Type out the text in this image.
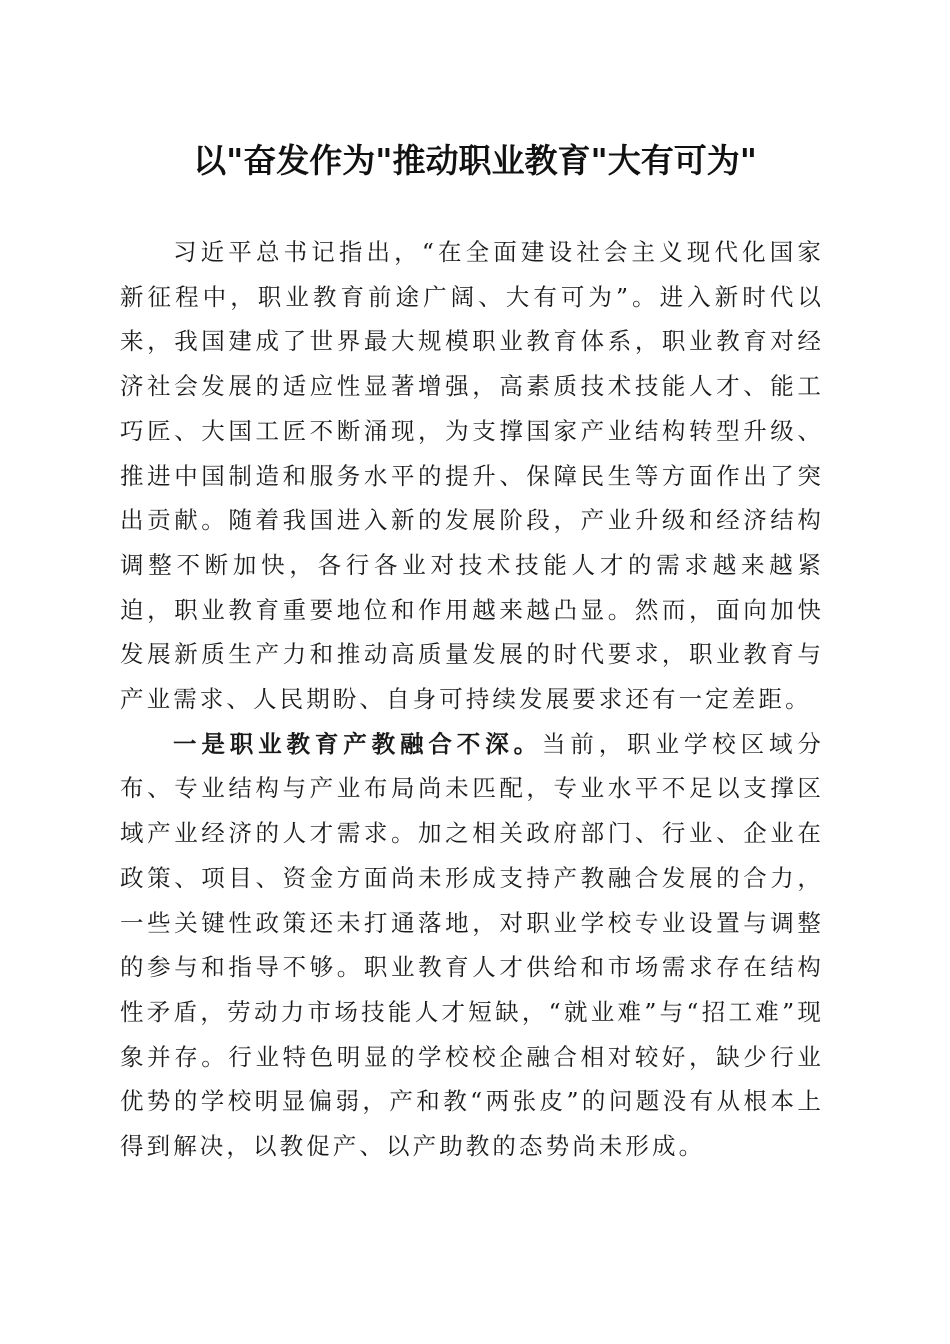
以"奋发作为"推动职业教育"大有可为"

习近平总书记指出，“在全面建设社会主义现代化国家新征程中，职业教育前途广阔、大有可为”。进入新时代以来，我国建成了世界最大规模职业教育体系，职业教育对经济社会发展的适应性显著增强，高素质技术技能人才、能工巧匠、大国工匠不断涌现，为支撑国家产业结构转型升级、推进中国制造和服务水平的提升、保障民生等方面作出了突出贡献。随着我国进入新的发展阶段，产业升级和经济结构调整不断加快，各行各业对技术技能人才的需求越来越紧迫，职业教育重要地位和作用越来越凸显。然而，面向加快发展新质生产力和推动高质量发展的时代要求，职业教育与产业需求、人民期盼、自身可持续发展要求还有一定差距。

一是职业教育产教融合不深。当前，职业学校区域分布、专业结构与产业布局尚未匹配，专业水平不足以支撑区域产业经济的人才需求。加之相关政府部门、行业、企业在政策、项目、资金方面尚未形成支持产教融合发展的合力，一些关键性政策还未打通落地，对职业学校专业设置与调整的参与和指导不够。职业教育人才供给和市场需求存在结构性矛盾，劳动力市场技能人才短缺，“就业难”与“招工难”现象并存。行业特色明显的学校校企融合相对较好，缺少行业优势的学校明显偏弱，产和教“两张皮”的问题没有从根本上得到解决，以教促产、以产助教的态势尚未形成。
